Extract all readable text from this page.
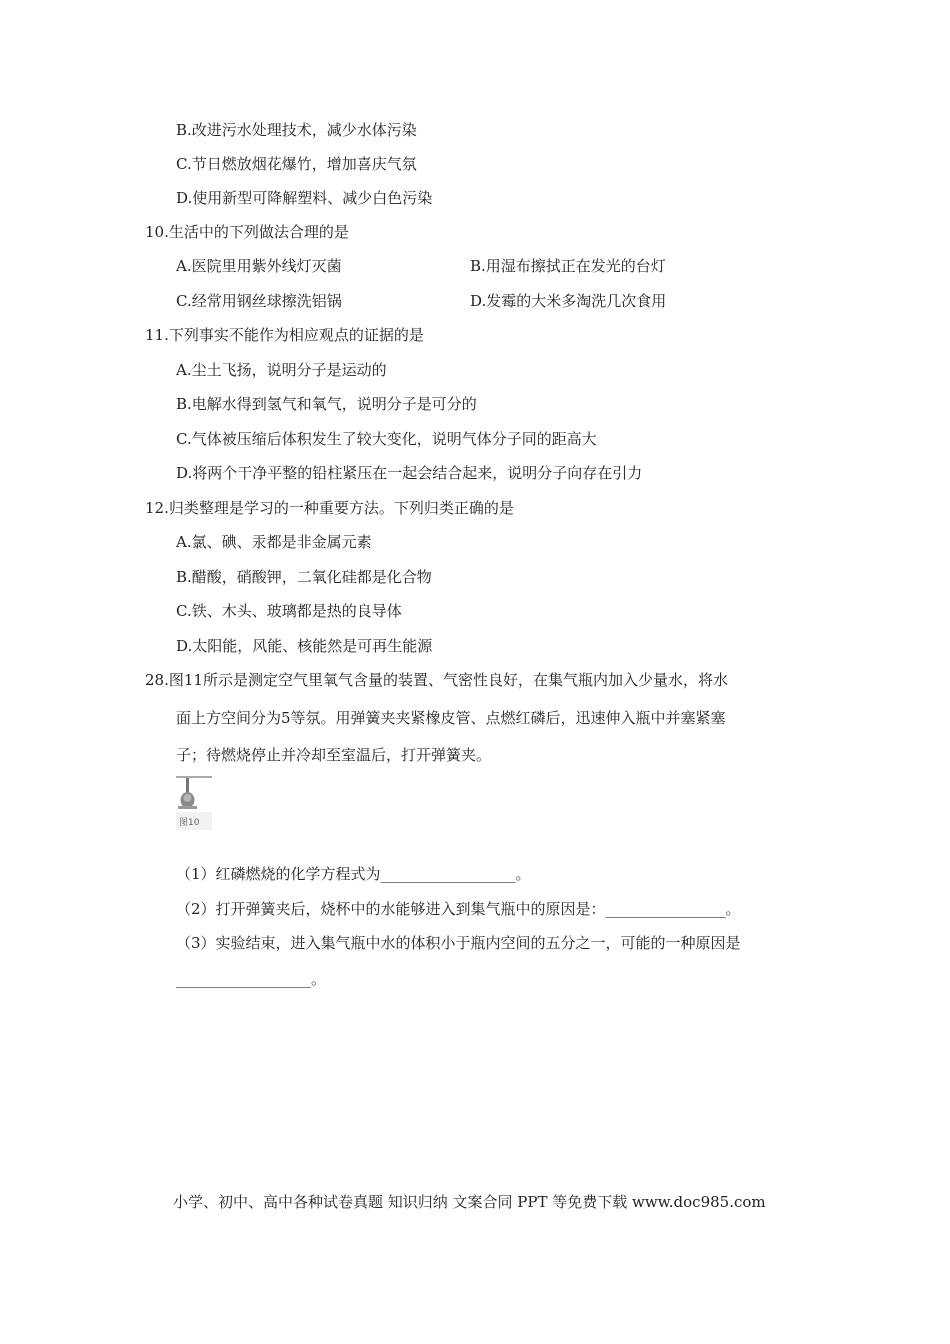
B.改进污水处理技术，减少水体污染
C.节日燃放烟花爆竹，增加喜庆气氛
D.使用新型可降解塑料、减少白色污染
10.生活中的下列做法合理的是
A.医院里用紫外线灯灭菌	B.用湿布擦拭正在发光的台灯
C.经常用钢丝球擦洗铝锅	D.发霉的大米多淘洗几次食用
11.下列事实不能作为相应观点的证据的是
A.尘土飞扬，说明分子是运动的
B.电解水得到氢气和氧气，说明分子是可分的
C.气体被压缩后体积发生了较大变化，说明气体分子同的距高大
D.将两个干净平整的铅柱紧压在一起会结合起来，说明分子向存在引力
12.归类整理是学习的一种重要方法。下列归类正确的是
A.氯、碘、汞都是非金属元素
B.醋酸，硝酸钾，二氧化硅都是化合物
C.铁、木头、玻璃都是热的良导体
D.太阳能，风能、核能然是可再生能源
28.图11所示是测定空气里氧气含量的装置、气密性良好，在集气瓶内加入少量水，将水
面上方空间分为5等氛。用弹簧夹夹紧橡皮管、点燃红磷后，迅速伸入瓶中并塞紧塞
子；待燃烧停止并冷却至室温后，打开弹簧夹。
图10
（1）红磷燃烧的化学方程式为__________________。
（2）打开弹簧夹后，烧杯中的水能够进入到集气瓶中的原因是：________________。
（3）实验结束，进入集气瓶中水的体积小于瓶内空间的五分之一，可能的一种原因是
__________________。
小学、初中、高中各种试卷真题 知识归纳 文案合同 PPT 等免费下载 www.doc985.com
